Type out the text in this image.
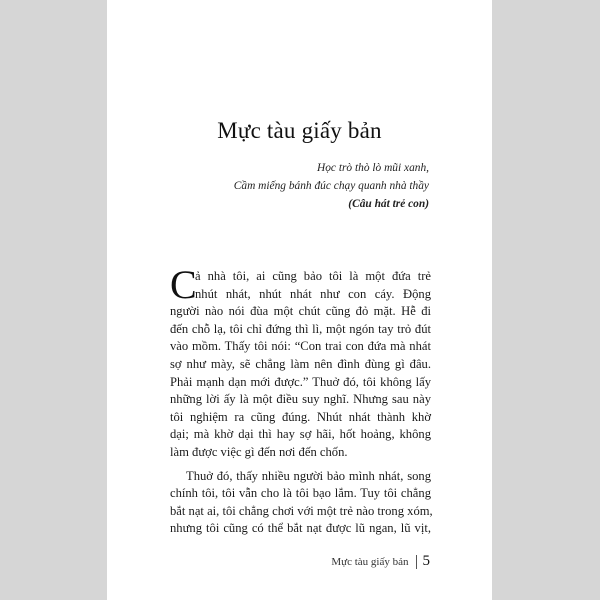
Mực tàu giấy bản
Học trò thò lò mũi xanh,
Cầm miếng bánh đúc chạy quanh nhà thầy
(Câu hát trẻ con)

C
ả nhà tôi, ai cũng bảo tôi là một đứa trẻ
nhút nhát, nhút nhát như con cáy. Động
người nào nói đùa một chút cũng đỏ mặt. Hễ đi
đến chỗ lạ, tôi chỉ đứng thì lì, một ngón tay trỏ đút
vào mồm. Thấy tôi nói: “Con trai con đứa mà nhát
sợ như mày, sẽ chẳng làm nên đình đùng gì đâu.
Phải mạnh dạn mới được.” Thuở đó, tôi không lấy
những lời ấy là một điều suy nghĩ. Nhưng sau này
tôi nghiệm ra cũng đúng. Nhút nhát thành khờ
dại; mà khờ dại thì hay sợ hãi, hốt hoảng, không
làm được việc gì đến nơi đến chốn.

Thuở đó, thấy nhiều người bảo mình nhát, song
chính tôi, tôi vẫn cho là tôi bạo lắm. Tuy tôi chẳng
bắt nạt ai, tôi chẳng chơi với một trẻ nào trong xóm,
nhưng tôi cũng có thể bắt nạt được lũ ngan, lũ vịt,

Mực tàu giấy bản 5
